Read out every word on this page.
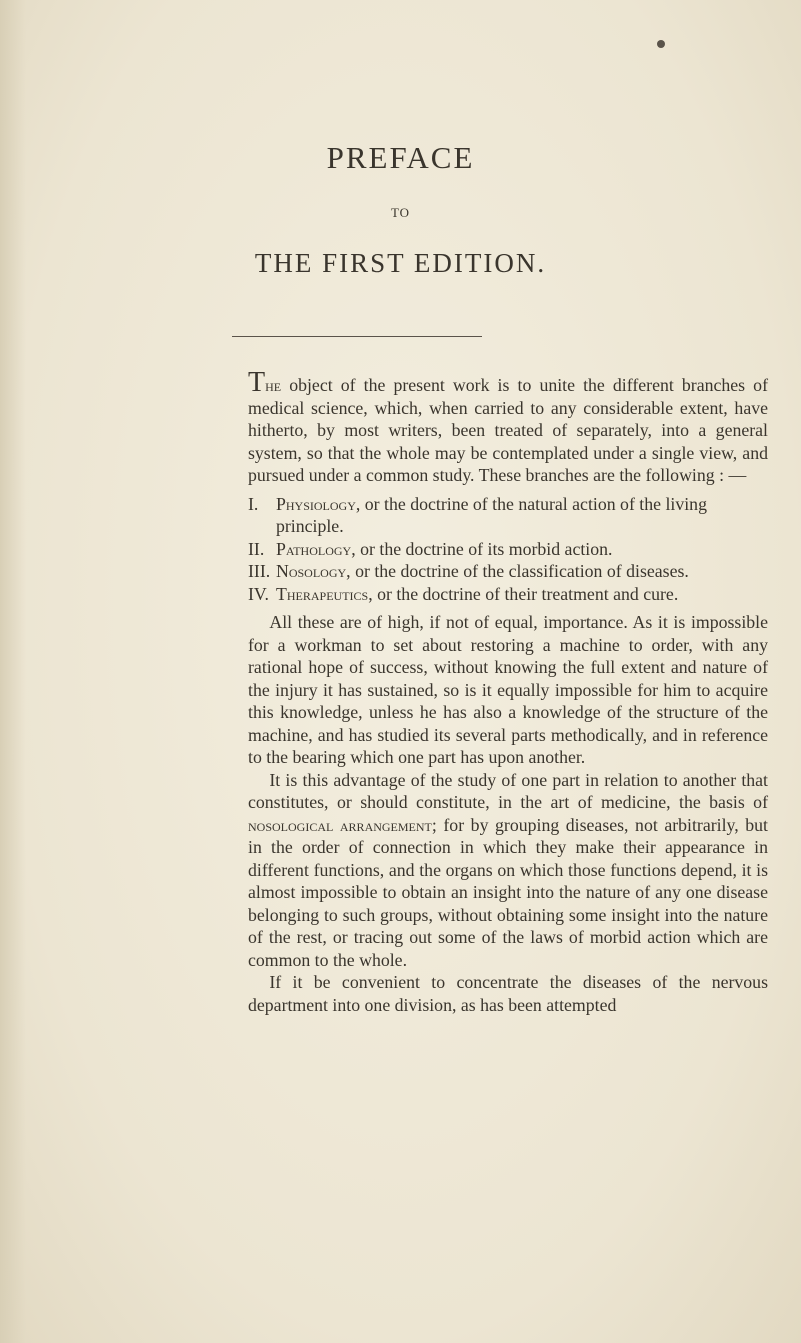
PREFACE
TO
THE FIRST EDITION.

The object of the present work is to unite the different branches of medical science, which, when carried to any considerable extent, have hitherto, by most writers, been treated of separately, into a general system, so that the whole may be contemplated under a single view, and pursued under a common study. These branches are the following : —

I. Physiology, or the doctrine of the natural action of the living principle.
II. Pathology, or the doctrine of its morbid action.
III. Nosology, or the doctrine of the classification of diseases.
IV. Therapeutics, or the doctrine of their treatment and cure.

All these are of high, if not of equal, importance. As it is impossible for a workman to set about restoring a machine to order, with any rational hope of success, without knowing the full extent and nature of the injury it has sustained, so is it equally impossible for him to acquire this knowledge, unless he has also a knowledge of the structure of the machine, and has studied its several parts methodically, and in reference to the bearing which one part has upon another.

It is this advantage of the study of one part in relation to another that constitutes, or should constitute, in the art of medicine, the basis of nosological arrangement; for by grouping diseases, not arbitrarily, but in the order of connection in which they make their appearance in different functions, and the organs on which those functions depend, it is almost impossible to obtain an insight into the nature of any one disease belonging to such groups, without obtaining some insight into the nature of the rest, or tracing out some of the laws of morbid action which are common to the whole.

If it be convenient to concentrate the diseases of the nervous department into one division, as has been attempted
